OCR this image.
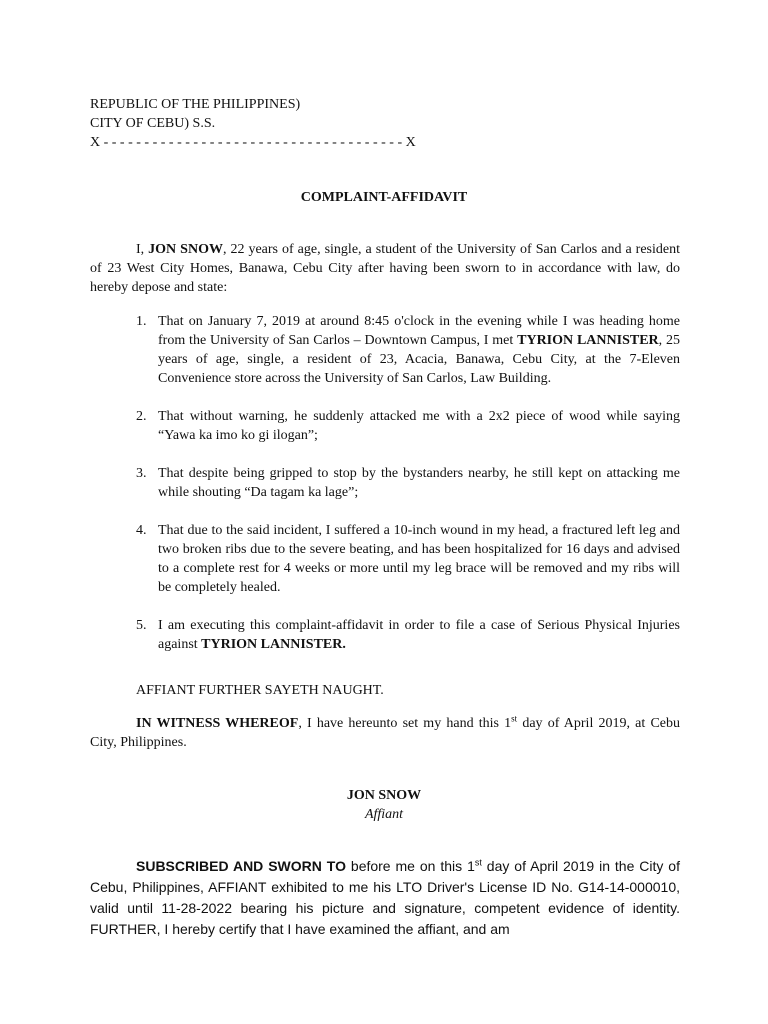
REPUBLIC OF THE PHILIPPINES)
CITY OF CEBU) S.S.
X - - - - - - - - - - - - - - - - - - - - - - - - - - - - - - - - - - - - - X
COMPLAINT-AFFIDAVIT
I, JON SNOW, 22 years of age, single, a student of the University of San Carlos and a resident of 23 West City Homes, Banawa, Cebu City after having been sworn to in accordance with law, do hereby depose and state:
1. That on January 7, 2019 at around 8:45 o'clock in the evening while I was heading home from the University of San Carlos – Downtown Campus, I met TYRION LANNISTER, 25 years of age, single, a resident of 23, Acacia, Banawa, Cebu City, at the 7-Eleven Convenience store across the University of San Carlos, Law Building.
2. That without warning, he suddenly attacked me with a 2x2 piece of wood while saying “Yawa ka imo ko gi ilogan”;
3. That despite being gripped to stop by the bystanders nearby, he still kept on attacking me while shouting “Da tagam ka lage”;
4. That due to the said incident, I suffered a 10-inch wound in my head, a fractured left leg and two broken ribs due to the severe beating, and has been hospitalized for 16 days and advised to a complete rest for 4 weeks or more until my leg brace will be removed and my ribs will be completely healed.
5. I am executing this complaint-affidavit in order to file a case of Serious Physical Injuries against TYRION LANNISTER.
AFFIANT FURTHER SAYETH NAUGHT.
IN WITNESS WHEREOF, I have hereunto set my hand this 1st day of April 2019, at Cebu City, Philippines.
JON SNOW
Affiant
SUBSCRIBED AND SWORN TO before me on this 1st day of April 2019 in the City of Cebu, Philippines, AFFIANT exhibited to me his LTO Driver's License ID No. G14-14-000010, valid until 11-28-2022 bearing his picture and signature, competent evidence of identity. FURTHER, I hereby certify that I have examined the affiant, and am
